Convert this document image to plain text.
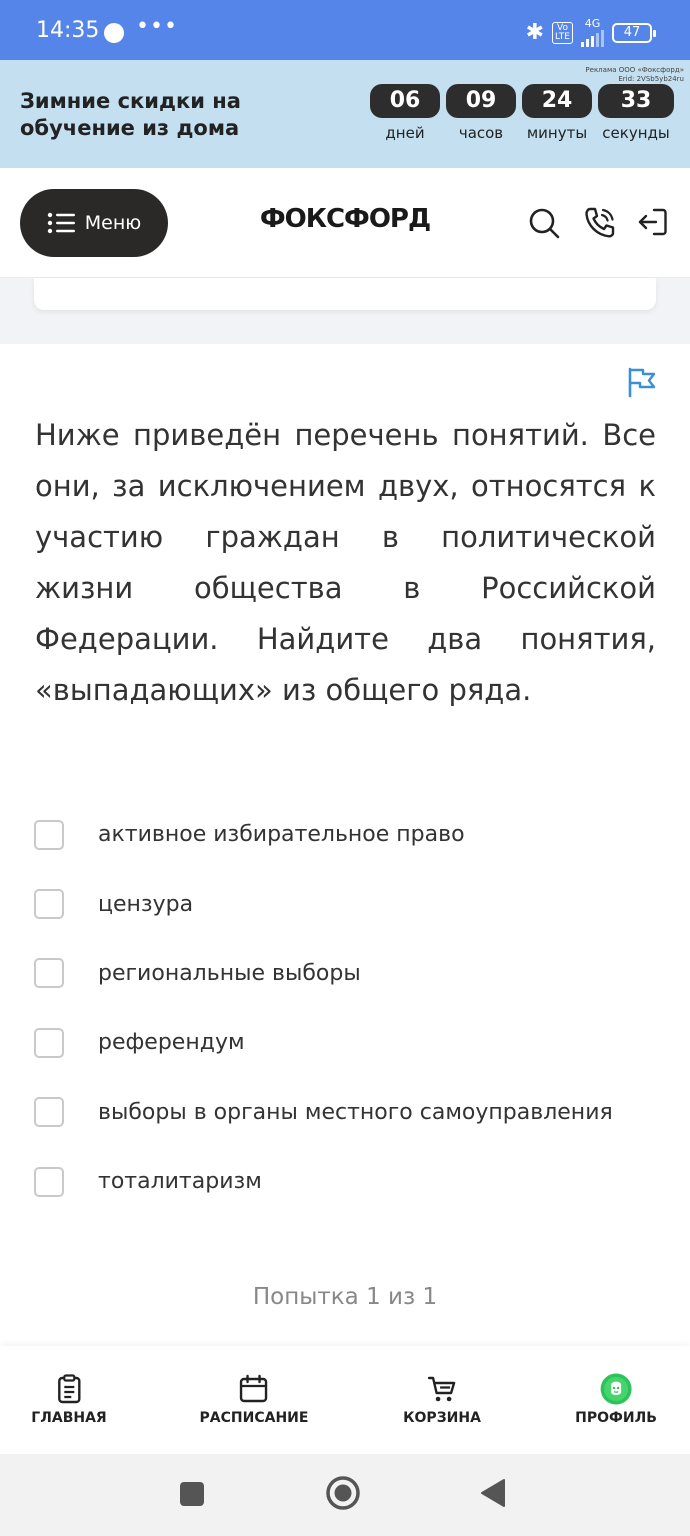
14:35 •••	✱	Vo
LTE
4G
47
Реклама ООО «Фоксфорд»
Erid: 2VSb5yb24ru
Зимние скидки на
обучение из дома
06
дней
09
часов
24
минуты
33
секунды
Меню	ФОКСФОРД
Ниже приведён перечень понятий. Все они, за исключением двух, относятся к участию граждан в политической жизни общества в Российской Федерации. Найдите два понятия, «выпадающих» из общего ряда.
активное избирательное право
цензура
региональные выборы
референдум
выборы в органы местного самоуправления
тоталитаризм
Попытка 1 из 1
ГЛАВНАЯ	РАСПИСАНИЕ	КОРЗИНА	ПРОФИЛЬ
